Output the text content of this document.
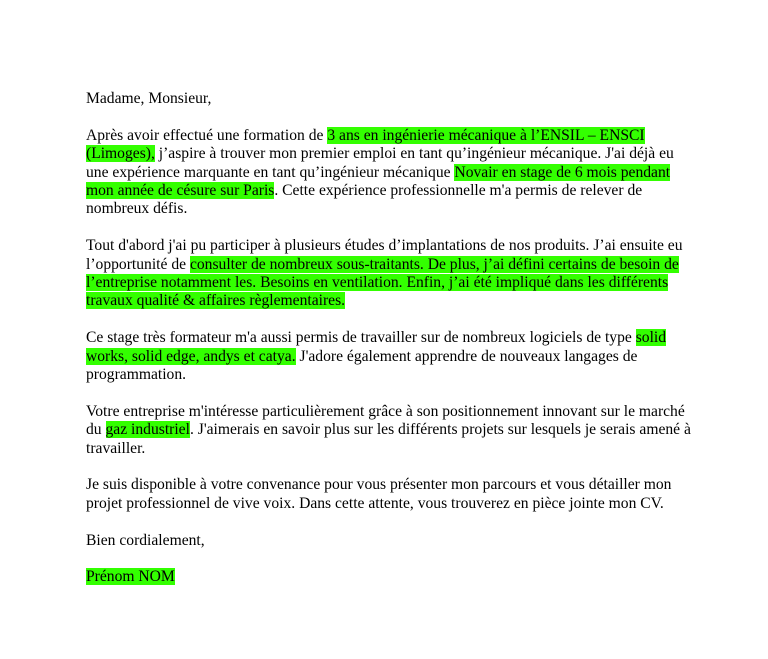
Madame, Monsieur,

Après avoir effectué une formation de 3 ans en ingénierie mécanique à l’ENSIL – ENSCI (Limoges), j’aspire à trouver mon premier emploi en tant qu’ingénieur mécanique. J'ai déjà eu une expérience marquante en tant qu’ingénieur mécanique Novair en stage de 6 mois pendant mon année de césure sur Paris. Cette expérience professionnelle m'a permis de relever de nombreux défis.

Tout d'abord j'ai pu participer à plusieurs études d’implantations de nos produits. J’ai ensuite eu l’opportunité de consulter de nombreux sous-traitants. De plus, j’ai défini certains de besoin de l’entreprise notamment les. Besoins en ventilation. Enfin, j’ai été impliqué dans les différents travaux qualité & affaires règlementaires.

Ce stage très formateur m'a aussi permis de travailler sur de nombreux logiciels de type solid works, solid edge, andys et catya. J'adore également apprendre de nouveaux langages de programmation.

Votre entreprise m'intéresse particulièrement grâce à son positionnement innovant sur le marché du gaz industriel. J'aimerais en savoir plus sur les différents projets sur lesquels je serais amené à travailler.

Je suis disponible à votre convenance pour vous présenter mon parcours et vous détailler mon projet professionnel de vive voix. Dans cette attente, vous trouverez en pièce jointe mon CV.

Bien cordialement,

Prénom NOM
